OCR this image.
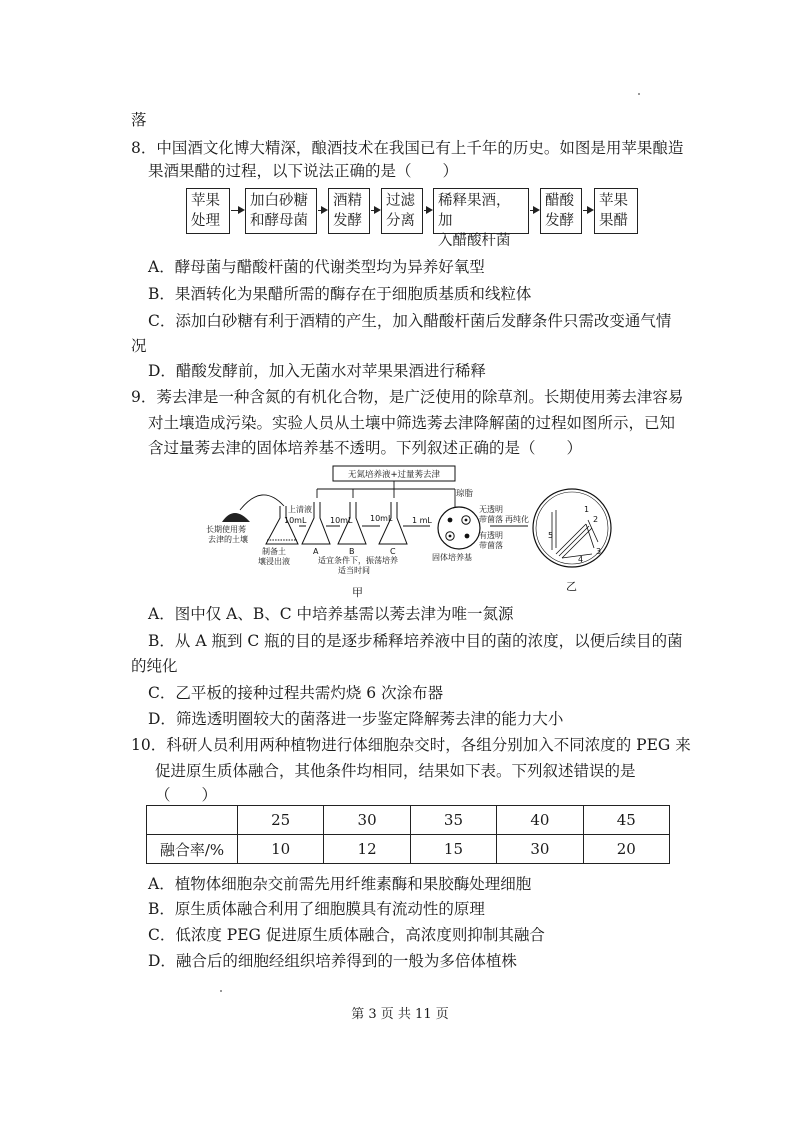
落
8．中国酒文化博大精深，酿酒技术在我国已有上千年的历史。如图是用苹果酿造
果酒果醋的过程，以下说法正确的是（　　）
苹果
处理
加白砂糖
和酵母菌
酒精
发酵
过滤
分离
稀释果酒，加
入醋酸杆菌
醋酸
发酵
苹果
果醋
A．酵母菌与醋酸杆菌的代谢类型均为异养好氧型
B．果酒转化为果醋所需的酶存在于细胞质基质和线粒体
C．添加白砂糖有利于酒精的产生，加入醋酸杆菌后发酵条件只需改变通气情
况
D．醋酸发酵前，加入无菌水对苹果果酒进行稀释
9．莠去津是一种含氮的有机化合物，是广泛使用的除草剂。长期使用莠去津容易
对土壤造成污染。实验人员从土壤中筛选莠去津降解菌的过程如图所示，已知
含过量莠去津的固体培养基不透明。下列叙述正确的是（　　）
无氮培养液+过量莠去津
琼脂
长期使用莠
去津的土壤
制备土
壤浸出液
上清液
10mL	10mL 10mL 1 mL
A	B	C
适宜条件下，振荡培养
适当时间
固体培养基
无透明
带菌落
有透明
带菌落
再纯化
1
2
3
4
5
甲	乙
A．图中仅 A、B、C 中培养基需以莠去津为唯一氮源
B．从 A 瓶到 C 瓶的目的是逐步稀释培养液中目的菌的浓度，以便后续目的菌
的纯化
C．乙平板的接种过程共需灼烧 6 次涂布器
D．筛选透明圈较大的菌落进一步鉴定降解莠去津的能力大小
10．科研人员利用两种植物进行体细胞杂交时，各组分别加入不同浓度的 PEG 来
促进原生质体融合，其他条件均相同，结果如下表。下列叙述错误的是
（　　）
	25	30	35	40	45
融合率/%	10	12	15	30	20
A．植物体细胞杂交前需先用纤维素酶和果胶酶处理细胞
B．原生质体融合利用了细胞膜具有流动性的原理
C．低浓度 PEG 促进原生质体融合，高浓度则抑制其融合
D．融合后的细胞经组织培养得到的一般为多倍体植株
第 3 页 共 11 页
